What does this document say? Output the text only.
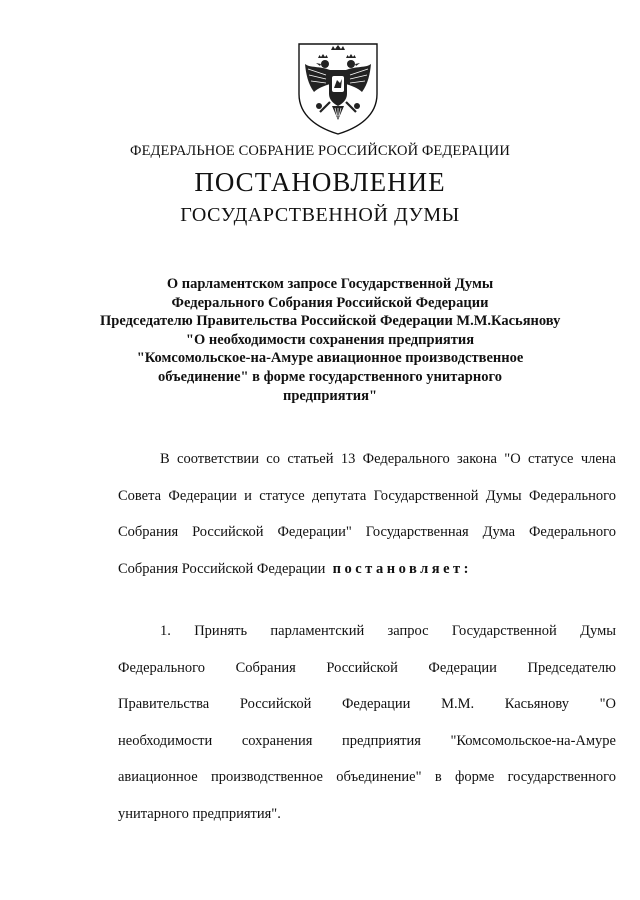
ФЕДЕРАЛЬНОЕ СОБРАНИЕ РОССИЙСКОЙ ФЕДЕРАЦИИ
ПОСТАНОВЛЕНИЕ
ГОСУДАРСТВЕННОЙ ДУМЫ
О парламентском запросе Государственной Думы
Федерального Собрания Российской Федерации
Председателю Правительства Российской Федерации М.М.Касьянову
"О необходимости сохранения предприятия
"Комсомольское-на-Амуре авиационное производственное
объединение" в форме государственного унитарного
предприятия"
В соответствии со статьей 13 Федерального закона "О статусе члена
Совета Федерации и статусе депутата Государственной Думы Федерального
Собрания Российской Федерации" Государственная Дума Федерального
Собрания Российской Федерации постановляет:
1. Принять парламентский запрос Государственной Думы
Федерального Собрания Российской Федерации Председателю
Правительства Российской Федерации М.М. Касьянову "О
необходимости сохранения предприятия "Комсомольское-на-Амуре
авиационное производственное объединение" в форме государственного
унитарного предприятия".
